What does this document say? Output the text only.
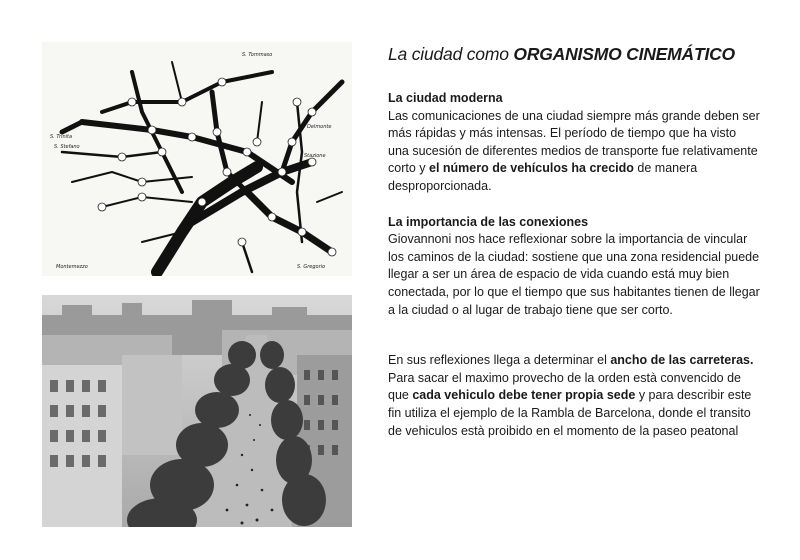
S. Tommaso
S. Trinita
S. Stefano
Delmonte
Stazione
Montemezzo	S. Gregorio
La ciudad como ORGANISMO CINEMÁTICO

La ciudad moderna

Las comunicaciones de una ciudad siempre más grande deben ser más rápidas y más intensas. El período de tiempo que ha visto una sucesión de diferentes medios de transporte fue relativamente corto y el número de vehículos ha crecido de manera desproporcionada.

La importancia de las conexiones

Giovannoni nos hace reflexionar sobre la importancia de vincular los caminos de la ciudad: sostiene que una zona residencial puede llegar a ser un área de espacio de vida cuando está muy bien conectada, por lo que el tiempo que sus habitantes tienen de llegar a la ciudad o al lugar de trabajo tiene que ser corto.

En sus reflexiones llega a determinar el ancho de las carreteras.

Para sacar el maximo provecho de la orden està convencido de que cada vehiculo debe tener propia sede y para describir este fin utiliza el ejemplo de la Rambla de Barcelona, donde el transito de vehiculos està proibido en el momento de la paseo peatonal
